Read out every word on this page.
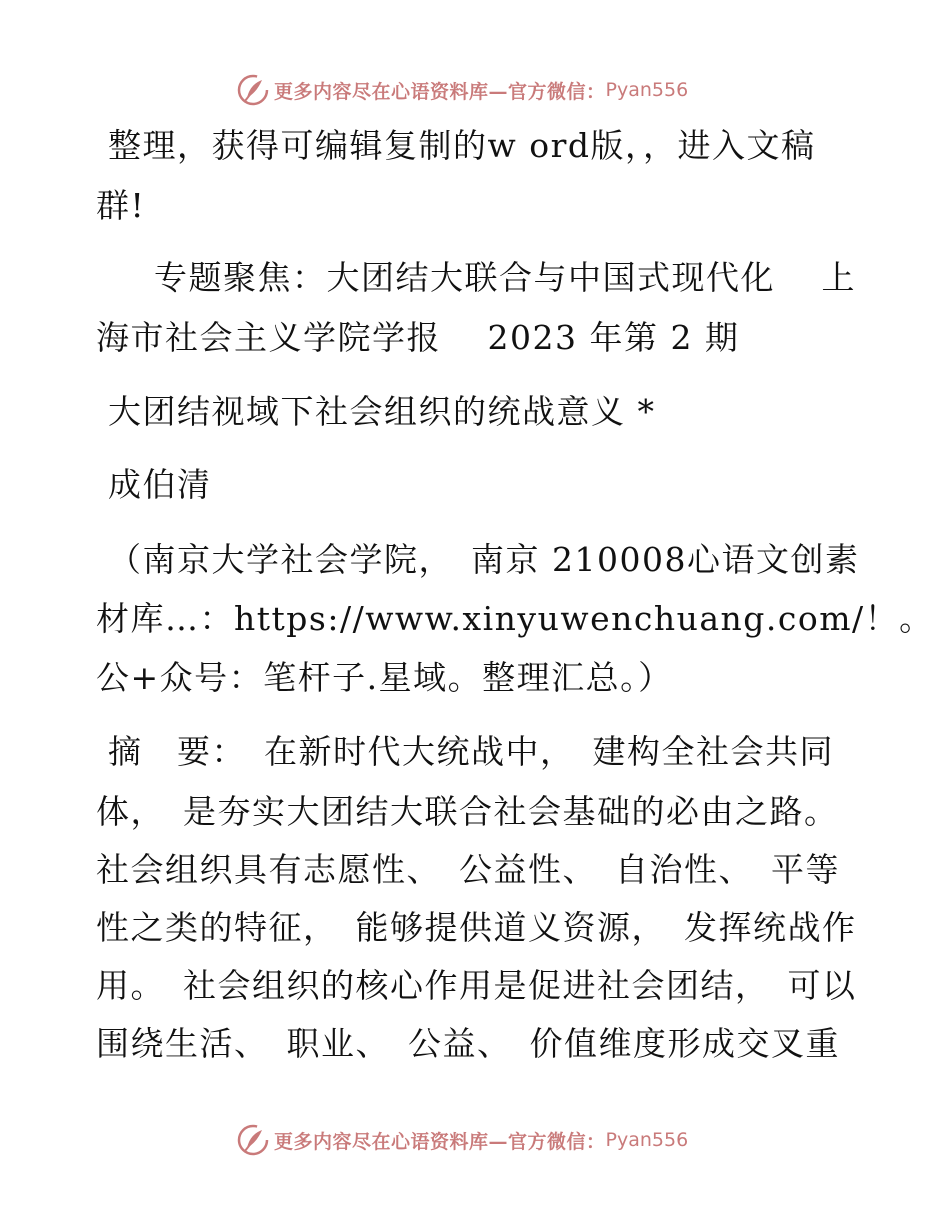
更多内容尽在心语资料库—官方微信： Pyan556
整理，获得可编辑复制的w ord版，，进入文稿
群!
专题聚焦：大团结大联合与中国式现代化　 上
海市社会主义学院学报　 2023 年第 2 期
大团结视域下社会组织的统战意义 *
成伯清
（南京大学社会学院，　南京 210008心语文创素
材库…：https://www.xinyuwenchuang.com/！。
公+众号：笔杆子.星域。整理汇总。）
摘　要：　在新时代大统战中，　建构全社会共同
体，　是夯实大团结大联合社会基础的必由之路。
社会组织具有志愿性、　公益性、　自治性、　平等
性之类的特征，　能够提供道义资源，　发挥统战作
用。　社会组织的核心作用是促进社会团结，　可以
围绕生活、　职业、　公益、　价值维度形成交叉重
更多内容尽在心语资料库—官方微信： Pyan556
